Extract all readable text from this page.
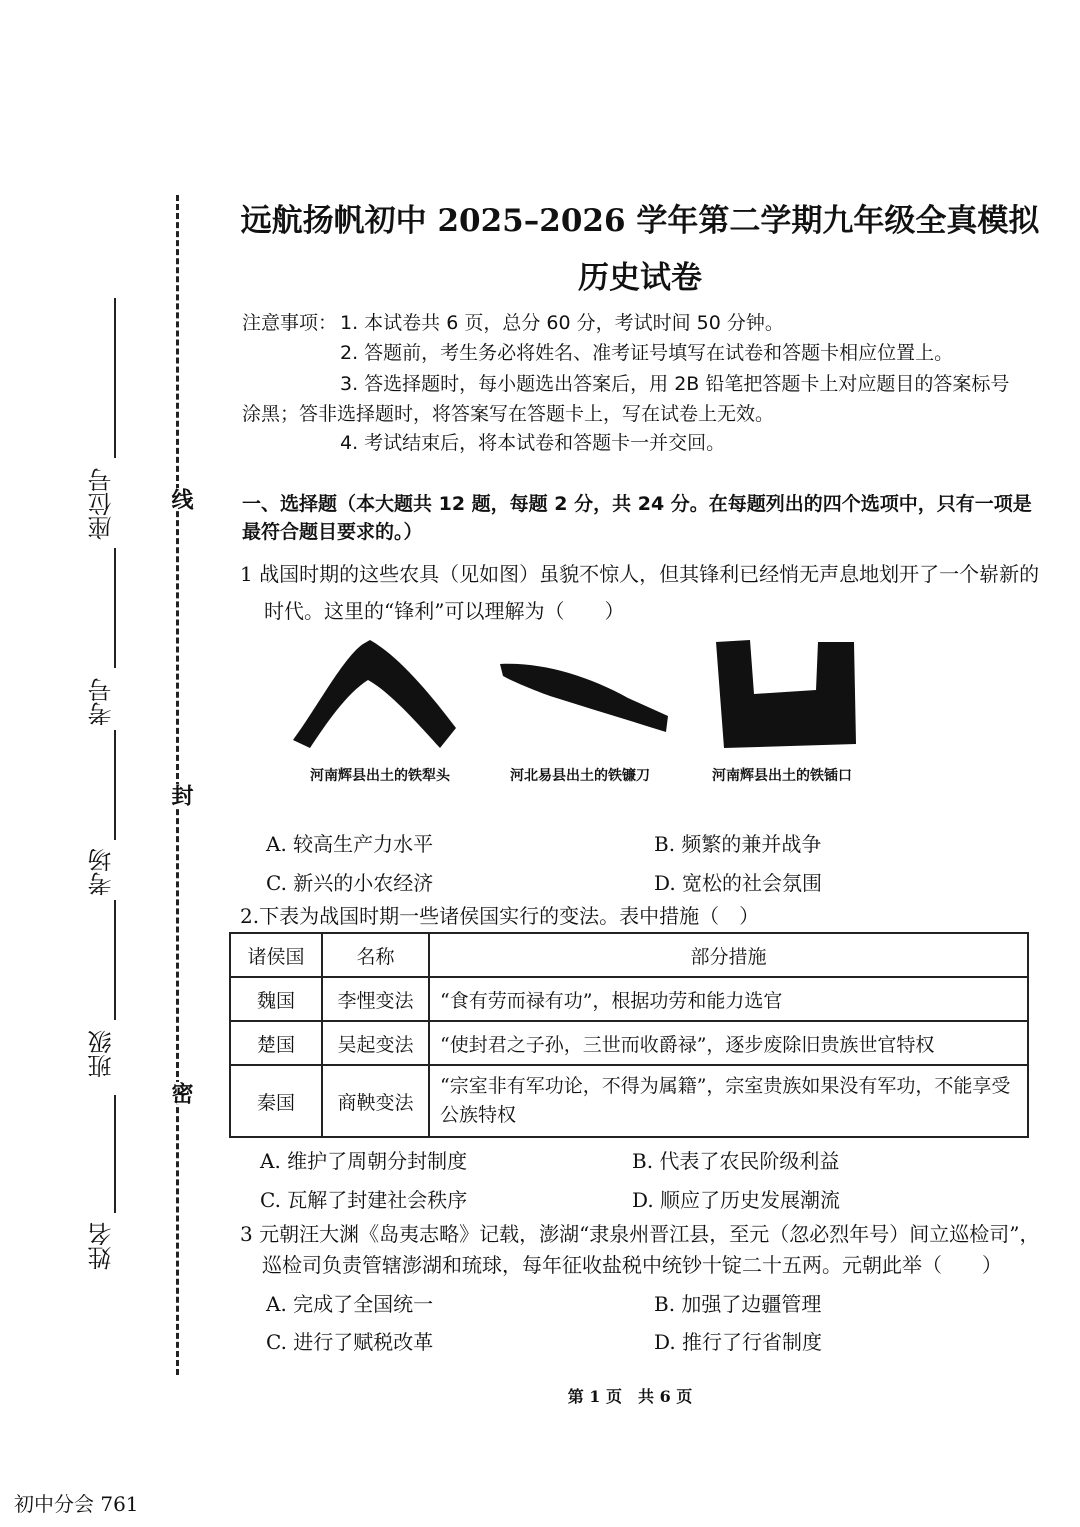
线
封
密
座位号
考号
考场
班级
姓名
远航扬帆初中 2025–2026 学年第二学期九年级全真模拟
历史试卷
注意事项： 1. 本试卷共 6 页，总分 60 分，考试时间 50 分钟。
2. 答题前，考生务必将姓名、准考证号填写在试卷和答题卡相应位置上。
3. 答选择题时，每小题选出答案后，用 2B 铅笔把答题卡上对应题目的答案标号
涂黑；答非选择题时，将答案写在答题卡上，写在试卷上无效。
4. 考试结束后，将本试卷和答题卡一并交回。
一、选择题（本大题共 12 题，每题 2 分，共 24 分。在每题列出的四个选项中，只有一项是
最符合题目要求的。）
1 战国时期的这些农具（见如图）虽貌不惊人，但其锋利已经悄无声息地划开了一个崭新的
时代。这里的“锋利”可以理解为（　　）
河南辉县出土的铁犁头	河北易县出土的铁镰刀	河南辉县出土的铁锸口
A. 较高生产力水平	B. 频繁的兼并战争
C. 新兴的小农经济	D. 宽松的社会氛围
2.下表为战国时期一些诸侯国实行的变法。表中措施（　）
诸侯国	名称	部分措施
魏国	李悝变法	“食有劳而禄有功”，根据功劳和能力选官
楚国	吴起变法	“使封君之子孙，三世而收爵禄”，逐步废除旧贵族世官特权
秦国	商鞅变法	“宗室非有军功论，不得为属籍”，宗室贵族如果没有军功，不能享受公族特权
A. 维护了周朝分封制度	B. 代表了农民阶级利益
C. 瓦解了封建社会秩序	D. 顺应了历史发展潮流
3 元朝汪大渊《岛夷志略》记载，澎湖“隶泉州晋江县，至元（忽必烈年号）间立巡检司”，
巡检司负责管辖澎湖和琉球，每年征收盐税中统钞十锭二十五两。元朝此举（　　）
A. 完成了全国统一	B. 加强了边疆管理
C. 进行了赋税改革	D. 推行了行省制度
第 1 页　共 6 页
初中分会 761
